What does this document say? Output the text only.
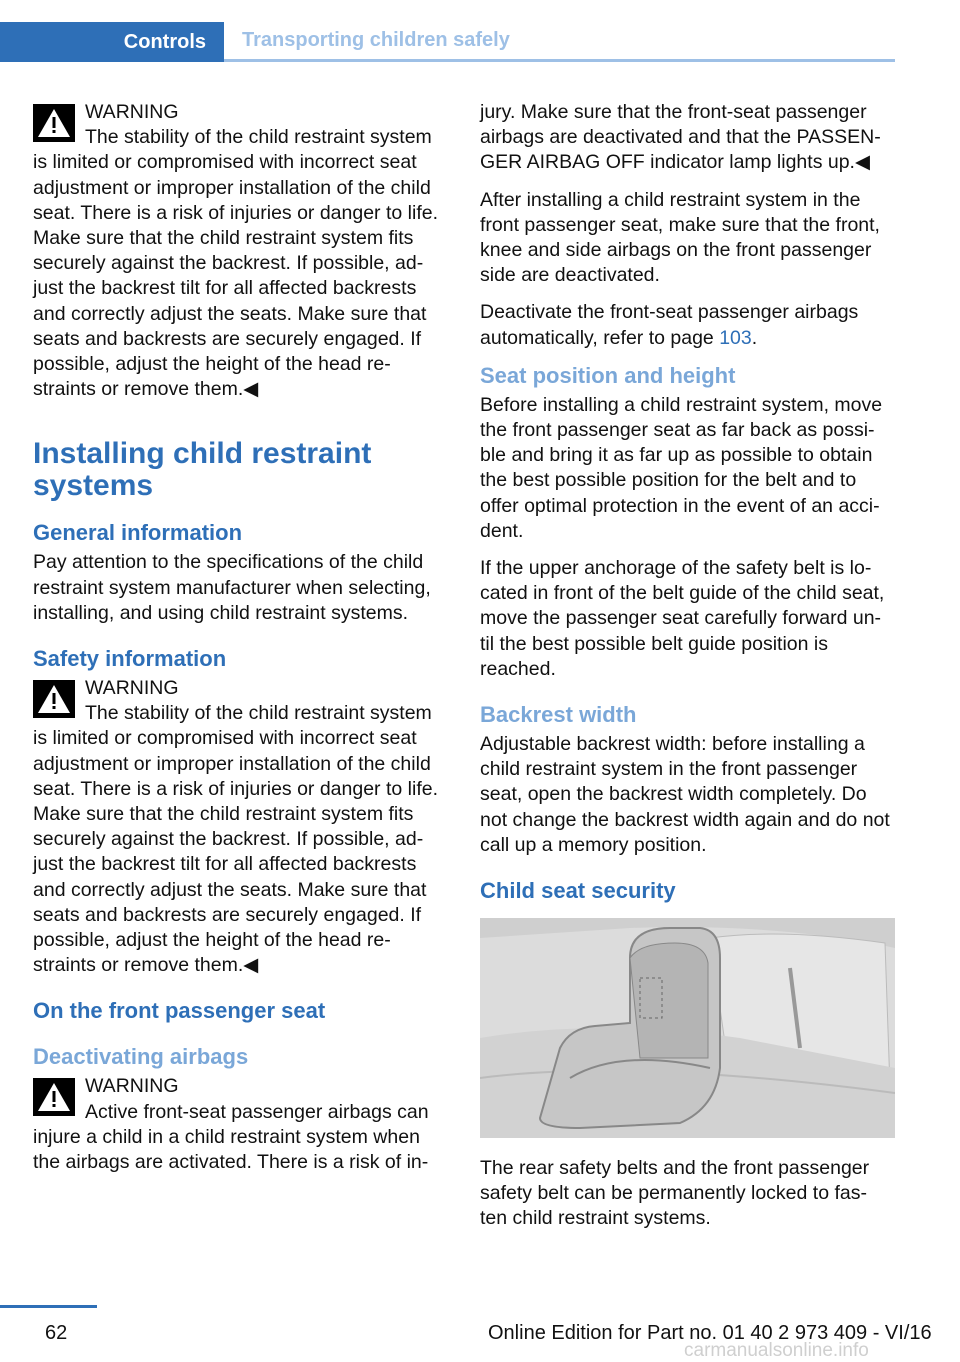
Controls	Transporting children safely
WARNING
The stability of the child restraint system is limited or compromised with incorrect seat adjustment or improper installation of the child seat. There is a risk of injuries or danger to life. Make sure that the child restraint system fits securely against the backrest. If possible, ad-just the backrest tilt for all affected backrests and correctly adjust the seats. Make sure that seats and backrests are securely engaged. If possible, adjust the height of the head re-straints or remove them.◀
Installing child restraint systems
General information

Pay attention to the specifications of the child restraint system manufacturer when selecting, installing, and using child restraint systems.

Safety information
WARNING
The stability of the child restraint system is limited or compromised with incorrect seat adjustment or improper installation of the child seat. There is a risk of injuries or danger to life. Make sure that the child restraint system fits securely against the backrest. If possible, ad-just the backrest tilt for all affected backrests and correctly adjust the seats. Make sure that seats and backrests are securely engaged. If possible, adjust the height of the head re-straints or remove them.◀
On the front passenger seat
Deactivating airbags
WARNING
Active front-seat passenger airbags can injure a child in a child restraint system when the airbags are activated. There is a risk of in-

jury. Make sure that the front-seat passenger airbags are deactivated and that the PASSEN-GER AIRBAG OFF indicator lamp lights up.◀

After installing a child restraint system in the front passenger seat, make sure that the front, knee and side airbags on the front passenger side are deactivated.

Deactivate the front-seat passenger airbags automatically, refer to page 103.

Seat position and height

Before installing a child restraint system, move the front passenger seat as far back as possi-ble and bring it as far up as possible to obtain the best possible position for the belt and to offer optimal protection in the event of an acci-dent.

If the upper anchorage of the safety belt is lo-cated in front of the belt guide of the child seat, move the passenger seat carefully forward un-til the best possible belt guide position is reached.

Backrest width

Adjustable backrest width: before installing a child restraint system in the front passenger seat, open the backrest width completely. Do not change the backrest width again and do not call up a memory position.

Child seat security

The rear safety belts and the front passenger safety belt can be permanently locked to fas-ten child restraint systems.

62	Online Edition for Part no. 01 40 2 973 409 - VI/16
carmanualsonline.info
